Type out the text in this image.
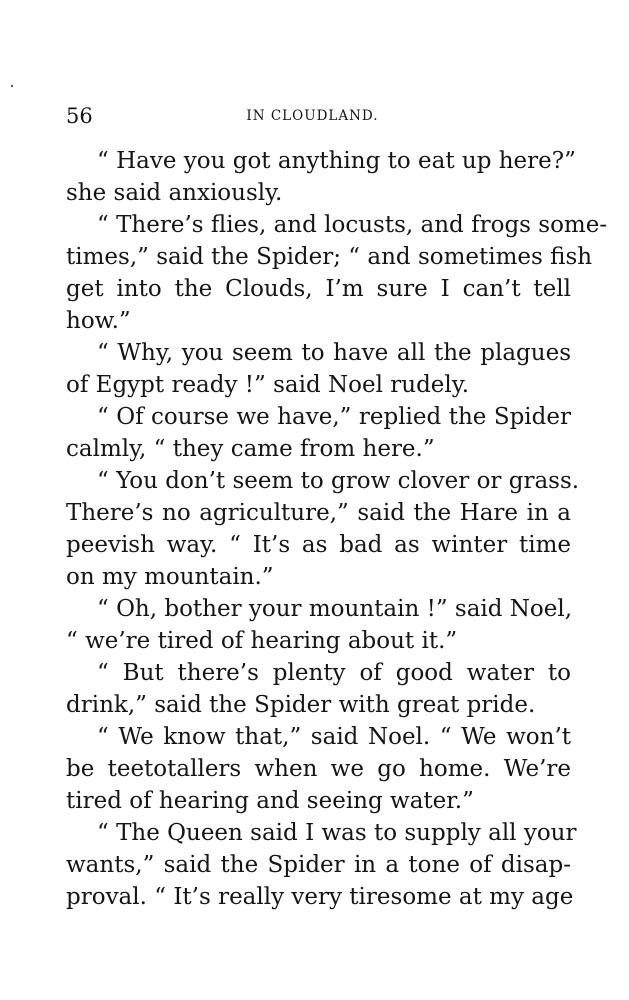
56	IN CLOUDLAND.
“ Have you got anything to eat up here?”
she said anxiously.
“ There’s flies, and locusts, and frogs some-
times,” said the Spider; “ and sometimes fish
get into the Clouds, I’m sure I can’t tell
how.”
“ Why, you seem to have all the plagues
of Egypt ready !” said Noel rudely.
“ Of course we have,” replied the Spider
calmly, “ they came from here.”
“ You don’t seem to grow clover or grass.
There’s no agriculture,” said the Hare in a
peevish way. “ It’s as bad as winter time
on my mountain.”
“ Oh, bother your mountain !” said Noel,
“ we’re tired of hearing about it.”
“ But there’s plenty of good water to
drink,” said the Spider with great pride.
“ We know that,” said Noel. “ We won’t
be teetotallers when we go home. We’re
tired of hearing and seeing water.”
“ The Queen said I was to supply all your
wants,” said the Spider in a tone of disap-
proval. “ It’s really very tiresome at my age
